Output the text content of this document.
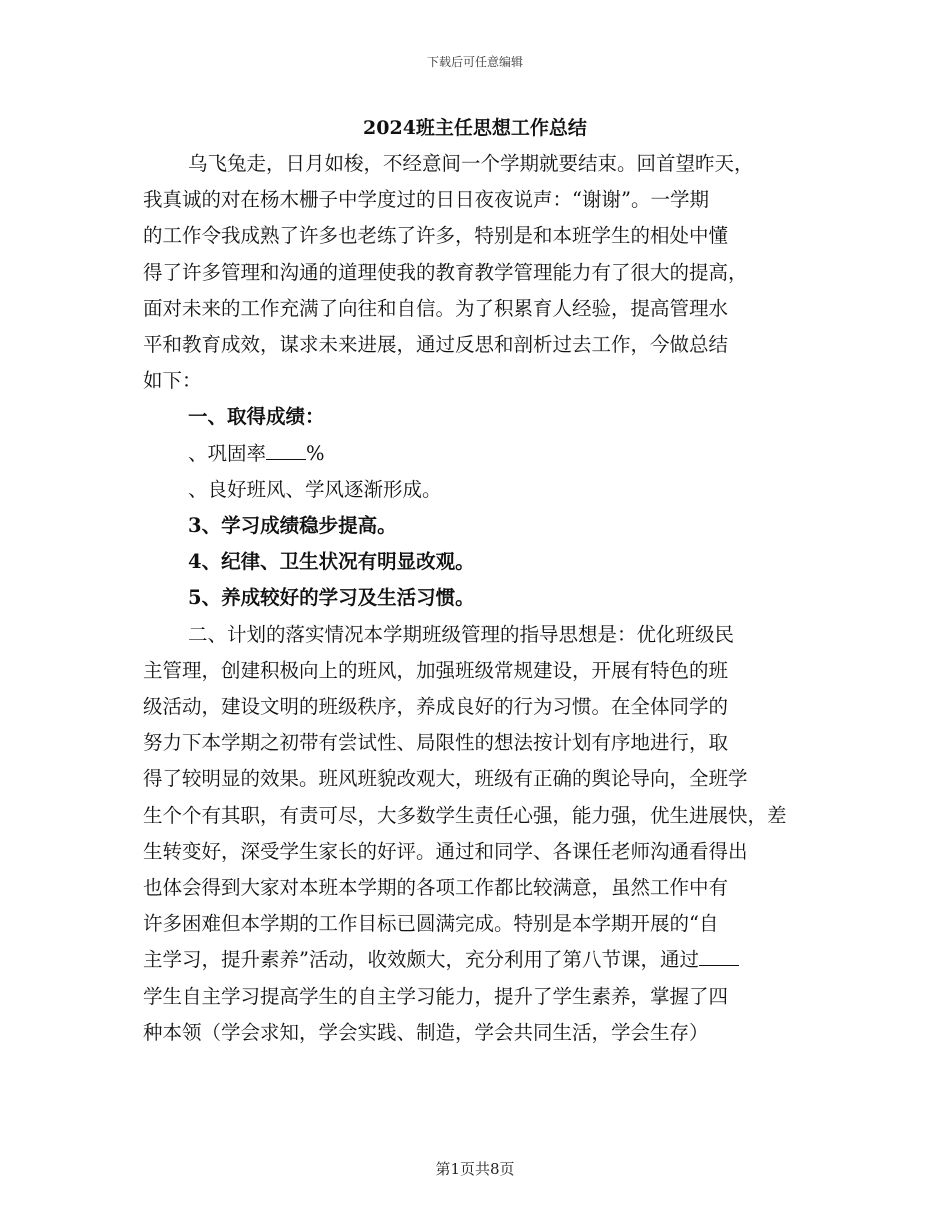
下载后可任意编辑
2024班主任思想工作总结
乌飞兔走，日月如梭，不经意间一个学期就要结束。回首望昨天，
我真诚的对在杨木栅子中学度过的日日夜夜说声：“谢谢”。一学期
的工作令我成熟了许多也老练了许多，特别是和本班学生的相处中懂
得了许多管理和沟通的道理使我的教育教学管理能力有了很大的提高，
面对未来的工作充满了向往和自信。为了积累育人经验，提高管理水
平和教育成效，谋求未来进展，通过反思和剖析过去工作，今做总结
如下：
一、取得成绩：
、巩固率 %
、良好班风、学风逐渐形成。
3、学习成绩稳步提高。
4、纪律、卫生状况有明显改观。
5、养成较好的学习及生活习惯。
二、计划的落实情况本学期班级管理的指导思想是：优化班级民
主管理，创建积极向上的班风，加强班级常规建设，开展有特色的班
级活动，建设文明的班级秩序，养成良好的行为习惯。在全体同学的
努力下本学期之初带有尝试性、局限性的想法按计划有序地进行，取
得了较明显的效果。班风班貌改观大，班级有正确的舆论导向，全班学
生个个有其职，有责可尽，大多数学生责任心强，能力强，优生进展快，差
生转变好，深受学生家长的好评。通过和同学、各课任老师沟通看得出
也体会得到大家对本班本学期的各项工作都比较满意，虽然工作中有
许多困难但本学期的工作目标已圆满完成。特别是本学期开展的“自
主学习，提升素养”活动，收效颇大，充分利用了第八节课，通过
学生自主学习提高学生的自主学习能力，提升了学生素养，掌握了四
种本领（学会求知，学会实践、制造，学会共同生活，学会生存）
第1页共8页
